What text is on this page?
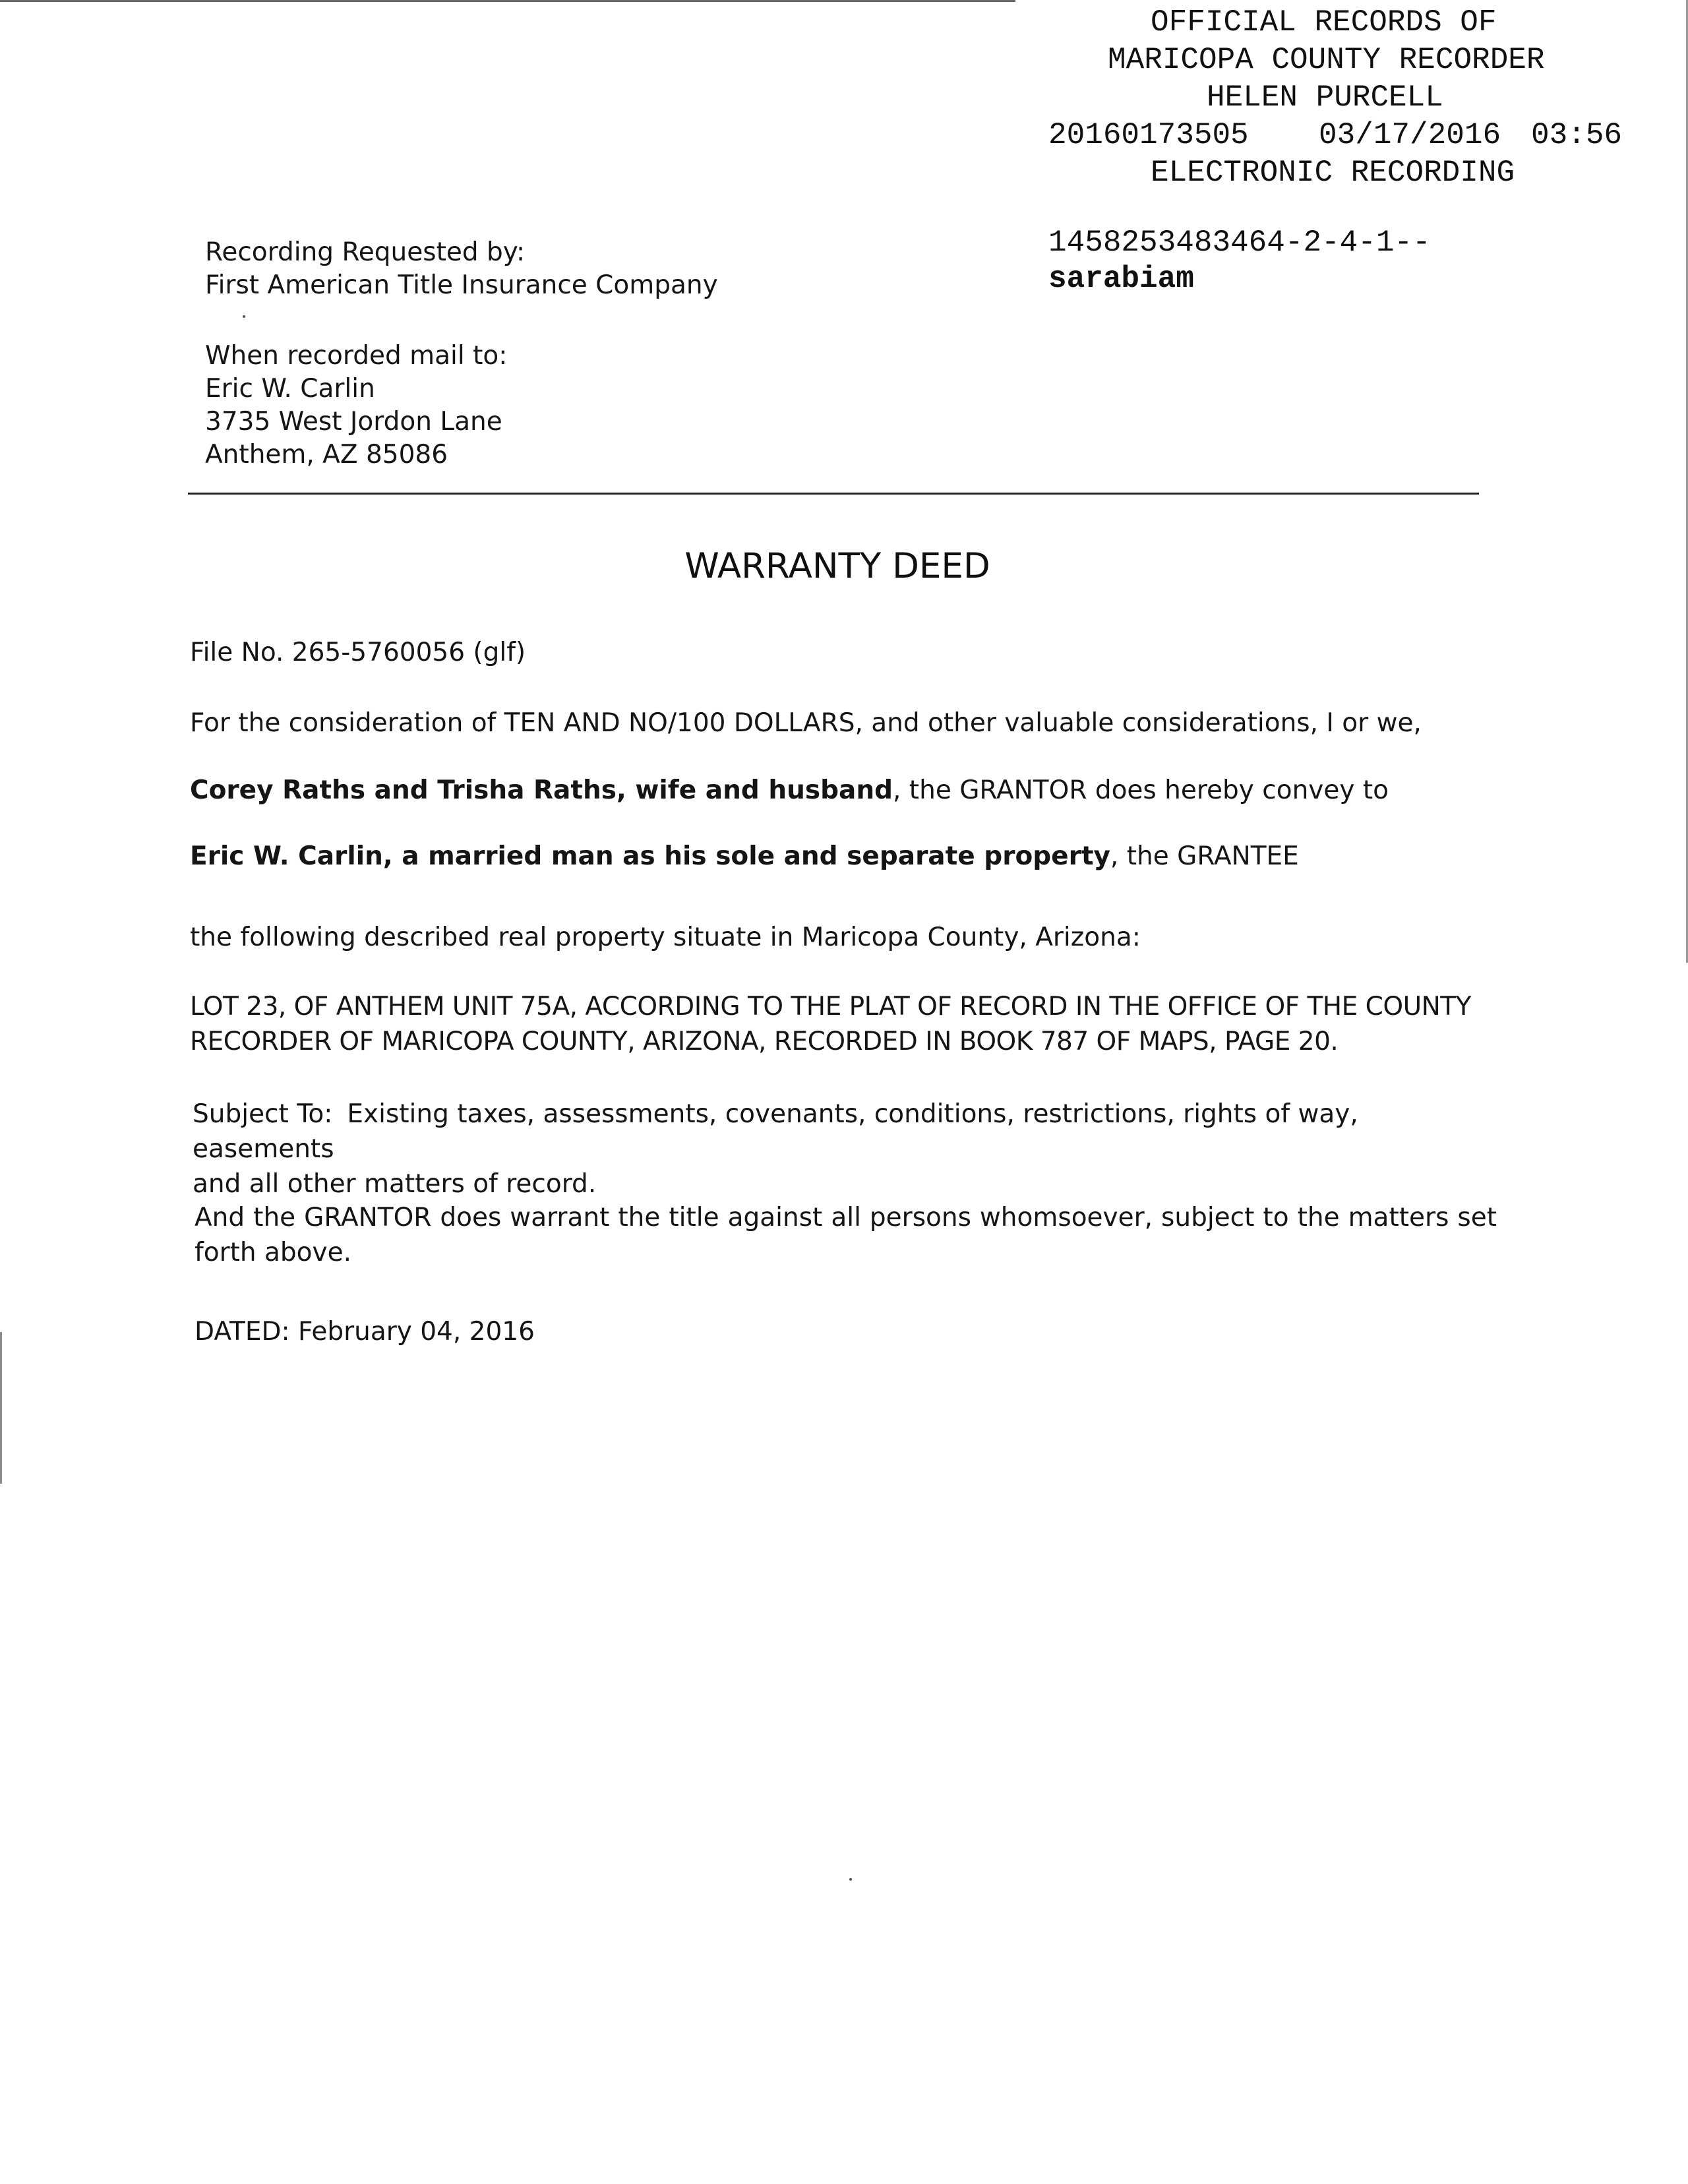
OFFICIAL RECORDS OF
MARICOPA COUNTY RECORDER
HELEN PURCELL
20160173505 03/17/2016 03:56
ELECTRONIC RECORDING
1458253483464-2-4-1--
sarabiam
Recording Requested by:
First American Title Insurance Company
When recorded mail to:
Eric W. Carlin
3735 West Jordon Lane
Anthem, AZ 85086
WARRANTY DEED

File No. 265-5760056 (glf)

For the consideration of TEN AND NO/100 DOLLARS, and other valuable considerations, I or we,

Corey Raths and Trisha Raths, wife and husband, the GRANTOR does hereby convey to

Eric W. Carlin, a married man as his sole and separate property, the GRANTEE

the following described real property situate in Maricopa County, Arizona:

LOT 23, OF ANTHEM UNIT 75A, ACCORDING TO THE PLAT OF RECORD IN THE OFFICE OF THE COUNTY
RECORDER OF MARICOPA COUNTY, ARIZONA, RECORDED IN BOOK 787 OF MAPS, PAGE 20.

Subject To: Existing taxes, assessments, covenants, conditions, restrictions, rights of way, easements
and all other matters of record.

And the GRANTOR does warrant the title against all persons whomsoever, subject to the matters set forth above.

DATED: February 04, 2016
